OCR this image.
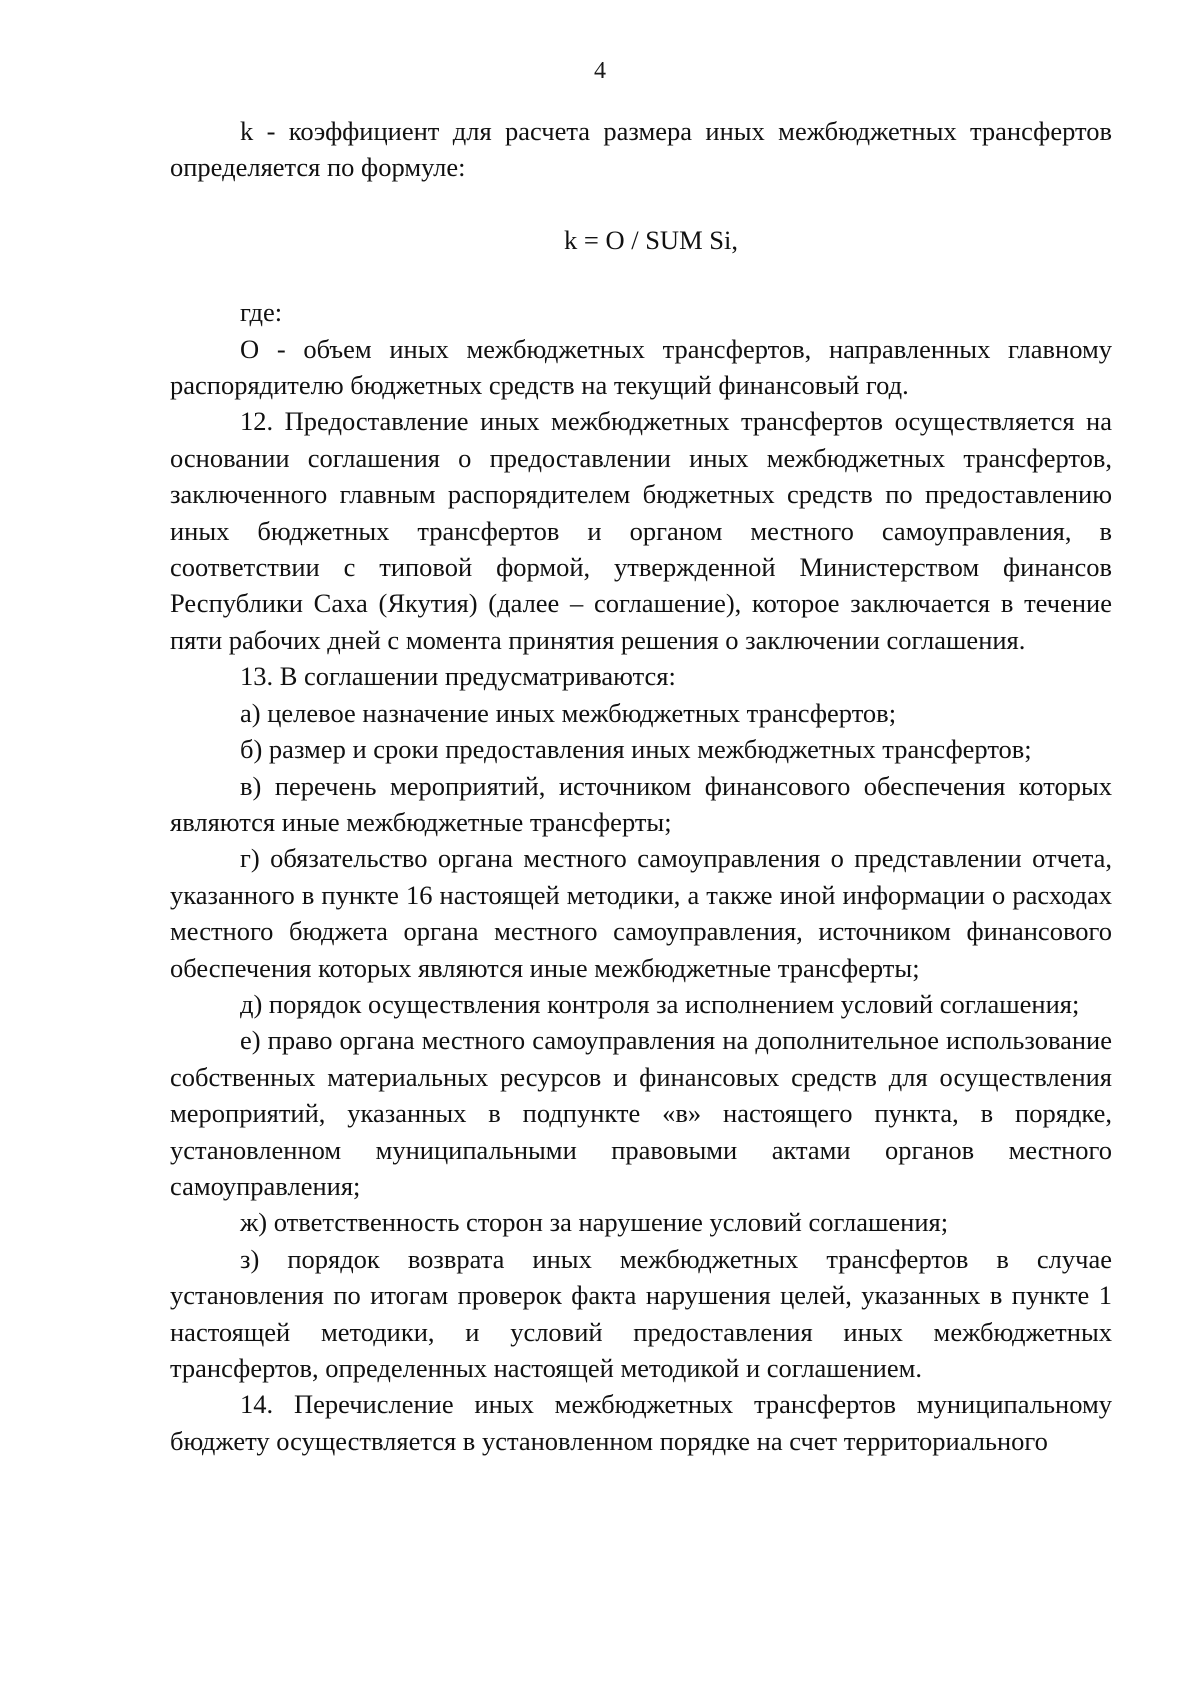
4

k - коэффициент для расчета размера иных межбюджетных трансфертов определяется по формуле:

k = O / SUM Si,

где:

O - объем иных межбюджетных трансфертов, направленных главному распорядителю бюджетных средств на текущий финансовый год.

12. Предоставление иных межбюджетных трансфертов осуществляется на основании соглашения о предоставлении иных межбюджетных трансфертов, заключенного главным распорядителем бюджетных средств по предоставлению иных бюджетных трансфертов и органом местного самоуправления, в соответствии с типовой формой, утвержденной Министерством финансов Республики Саха (Якутия) (далее – соглашение), которое заключается в течение пяти рабочих дней с момента принятия решения о заключении соглашения.

13. В соглашении предусматриваются:

а) целевое назначение иных межбюджетных трансфертов;

б) размер и сроки предоставления иных межбюджетных трансфертов;

в) перечень мероприятий, источником финансового обеспечения которых являются иные межбюджетные трансферты;

г) обязательство органа местного самоуправления о представлении отчета, указанного в пункте 16 настоящей методики, а также иной информации о расходах местного бюджета органа местного самоуправления, источником финансового обеспечения которых являются иные межбюджетные трансферты;

д) порядок осуществления контроля за исполнением условий соглашения;

е) право органа местного самоуправления на дополнительное использование собственных материальных ресурсов и финансовых средств для осуществления мероприятий, указанных в подпункте «в» настоящего пункта, в порядке, установленном муниципальными правовыми актами органов местного самоуправления;

ж) ответственность сторон за нарушение условий соглашения;

з) порядок возврата иных межбюджетных трансфертов в случае установления по итогам проверок факта нарушения целей, указанных в пункте 1 настоящей методики, и условий предоставления иных межбюджетных трансфертов, определенных настоящей методикой и соглашением.

14. Перечисление иных межбюджетных трансфертов муниципальному бюджету осуществляется в установленном порядке на счет территориального
